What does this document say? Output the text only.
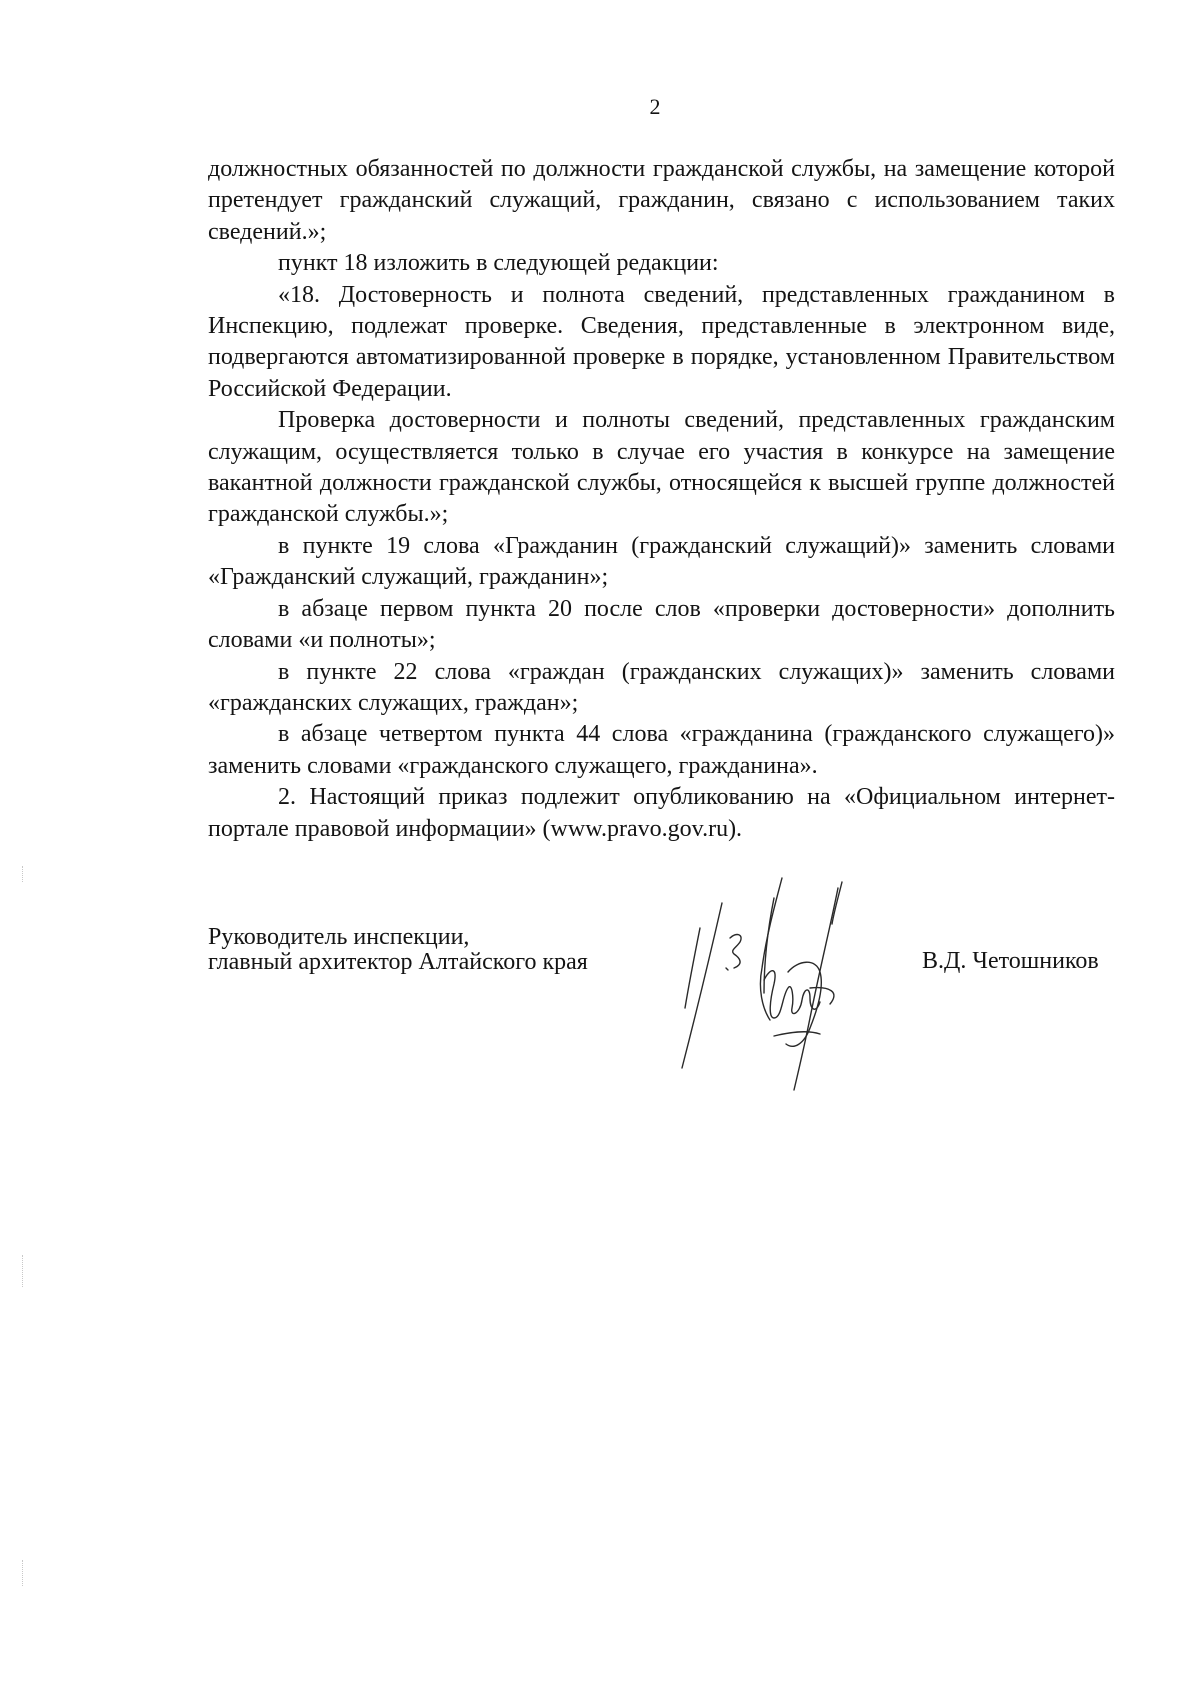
2

должностных обязанностей по должности гражданской службы, на замещение которой претендует гражданский служащий, гражданин, связано с использованием таких сведений.»;

пункт 18 изложить в следующей редакции:

«18. Достоверность и полнота сведений, представленных гражданином в Инспекцию, подлежат проверке. Сведения, представленные в электронном виде, подвергаются автоматизированной проверке в порядке, установленном Правительством Российской Федерации.

Проверка достоверности и полноты сведений, представленных гражданским служащим, осуществляется только в случае его участия в конкурсе на замещение вакантной должности гражданской службы, относящейся к высшей группе должностей гражданской службы.»;

в пункте 19 слова «Гражданин (гражданский служащий)» заменить словами «Гражданский служащий, гражданин»;

в абзаце первом пункта 20 после слов «проверки достоверности» дополнить словами «и полноты»;

в пункте 22 слова «граждан (гражданских служащих)» заменить словами «гражданских служащих, граждан»;

в абзаце четвертом пункта 44 слова «гражданина (гражданского служащего)» заменить словами «гражданского служащего, гражданина».

2. Настоящий приказ подлежит опубликованию на «Официальном интернет-портале правовой информации» (www.pravo.gov.ru).

Руководитель инспекции,
главный архитектор Алтайского края	В.Д. Четошников
